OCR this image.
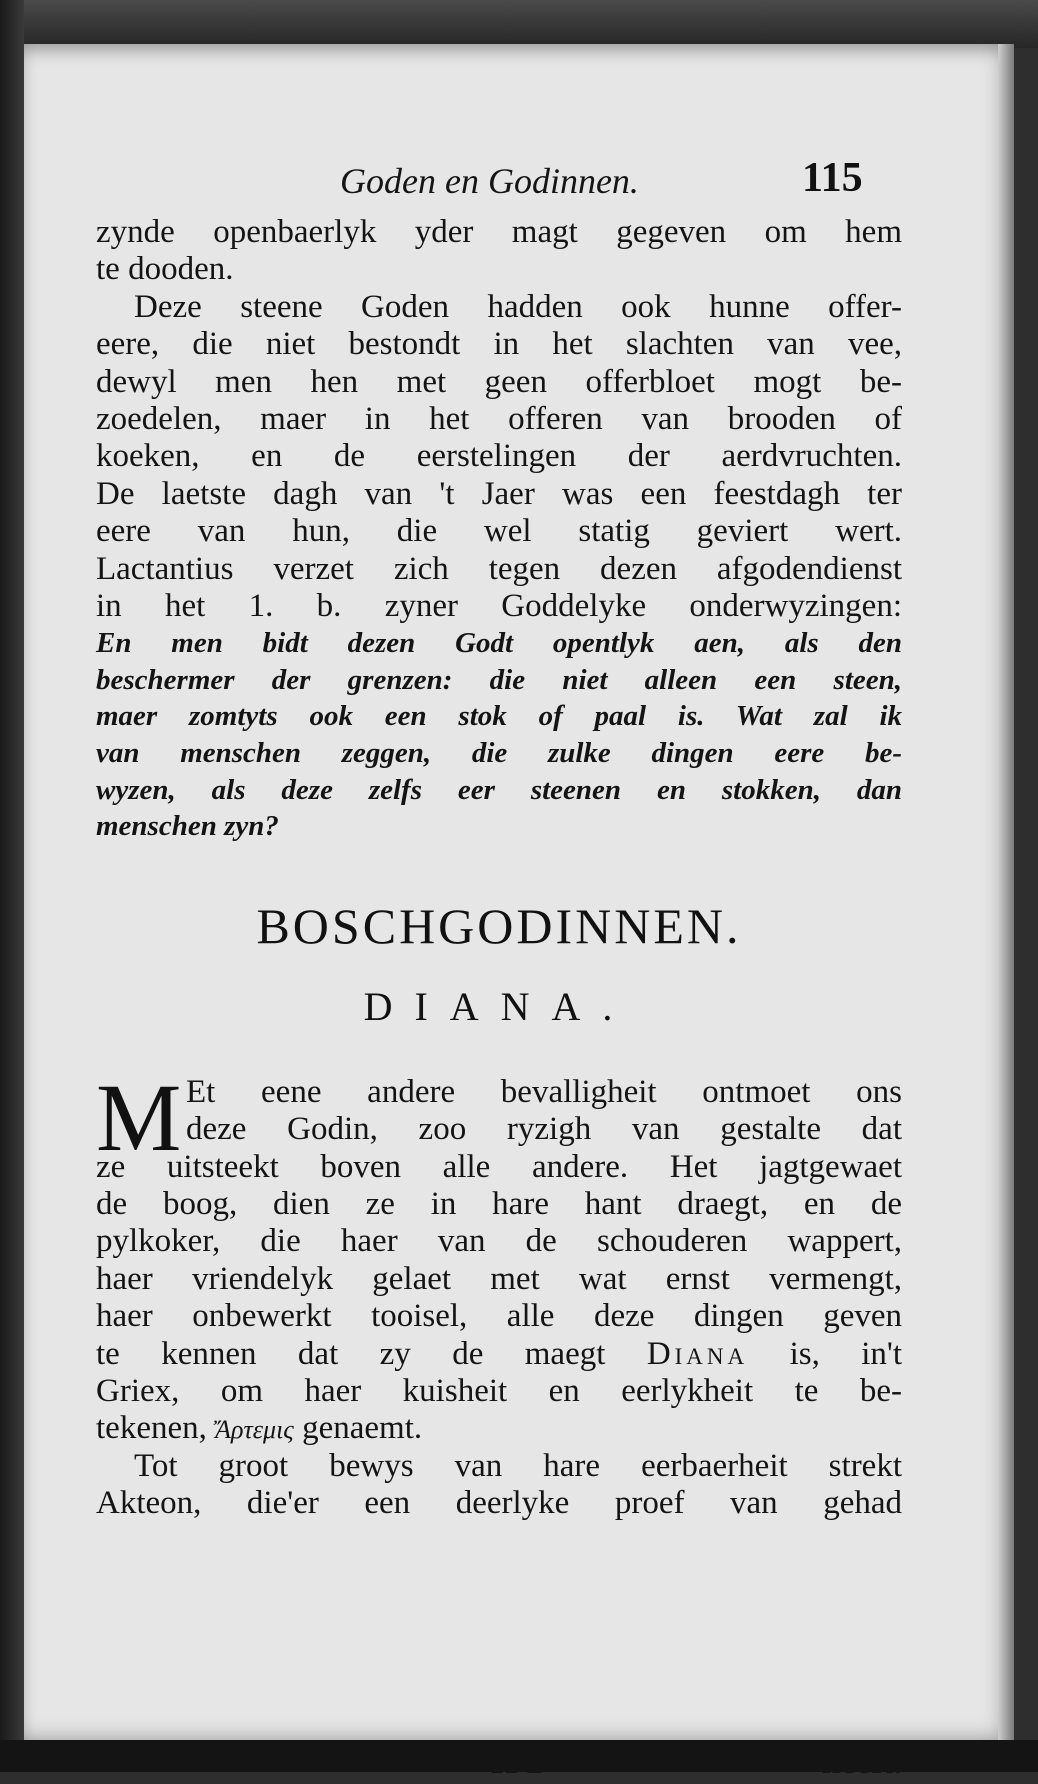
Goden en Godinnen.	115
zynde openbaerlyk yder magt gegeven om hem
te dooden.
Deze steene Goden hadden ook hunne offer-
eere, die niet bestondt in het slachten van vee,
dewyl men hen met geen offerbloet mogt be-
zoedelen, maer in het offeren van brooden of
koeken, en de eerstelingen der aerdvruchten.
De laetste dagh van 't Jaer was een feestdagh ter
eere van hun, die wel statig geviert wert.
Lactantius verzet zich tegen dezen afgodendienst
in het 1. b. zyner Goddelyke onderwyzingen:
En men bidt dezen Godt opentlyk aen, als den
beschermer der grenzen: die niet alleen een steen,
maer zomtyts ook een stok of paal is. Wat zal ik
van menschen zeggen, die zulke dingen eere be-
wyzen, als deze zelfs eer steenen en stokken, dan
menschen zyn?
BOSCHGODINNEN.
DIANA.
M Et eene andere bevalligheit ontmoet ons
deze Godin, zoo ryzigh van gestalte dat
ze uitsteekt boven alle andere. Het jagtgewaet
de boog, dien ze in hare hant draegt, en de
pylkoker, die haer van de schouderen wappert,
haer vriendelyk gelaet met wat ernst vermengt,
haer onbewerkt tooisel, alle deze dingen geven
te kennen dat zy de maegt Diana is, in't
Griex, om haer kuisheit en eerlykheit te be-
tekenen, Ἄρτεμις genaemt.
Tot groot bewys van hare eerbaerheit strekt
Akteon, die'er een deerlyke proef van gehad
